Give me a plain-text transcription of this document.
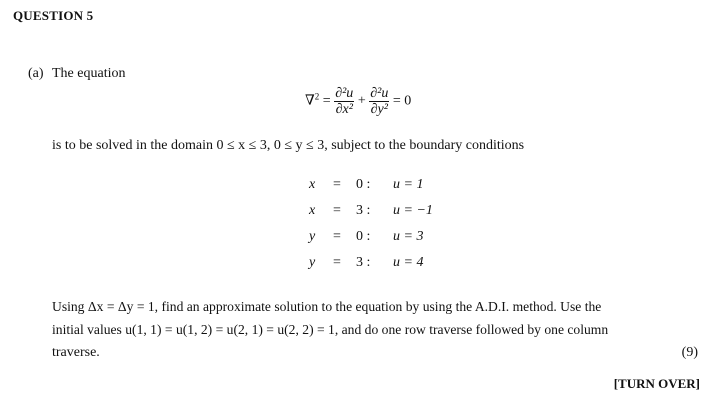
QUESTION 5
(a) The equation
$\nabla^2 = \frac{\text{∂²u}}{\text{∂x²}} + \frac{\text{∂²u}}{\text{∂y²}} = 0$
is to be solved in the domain 0 ≤ x ≤ 3, 0 ≤ y ≤ 3, subject to the boundary conditions
x = 0 : u = 1
x = 3 : u = −1
y = 0 : u = 3
y = 3 : u = 4
Using Δx = Δy = 1, find an approximate solution to the equation by using the A.D.I. method. Use the
initial values u(1, 1) = u(1, 2) = u(2, 1) = u(2, 2) = 1, and do one row traverse followed by one column
traverse.	(9)
[TURN OVER]
